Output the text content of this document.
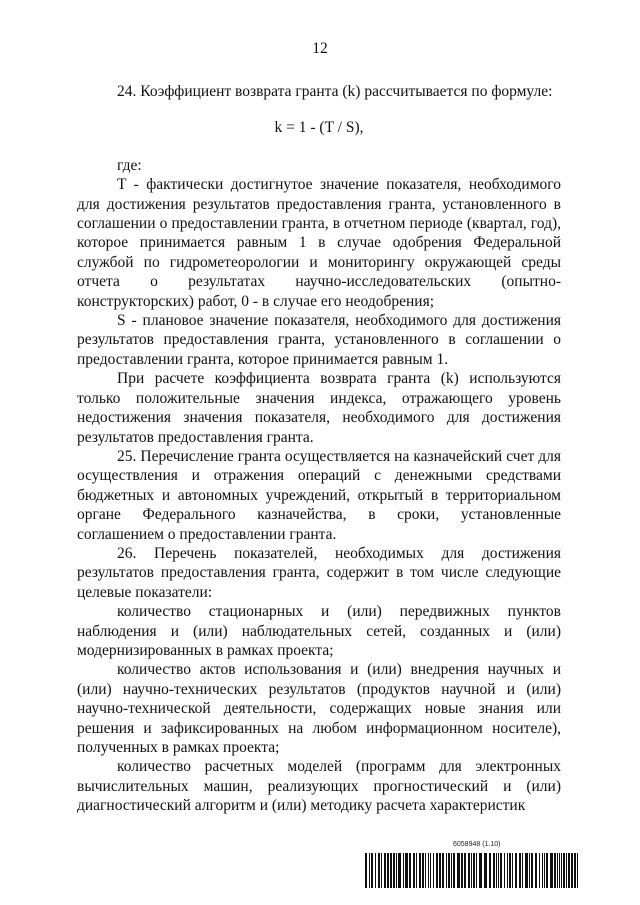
12

24. Коэффициент возврата гранта (k) рассчитывается по формуле:

k = 1 - (T / S),

где:

T - фактически достигнутое значение показателя, необходимого для достижения результатов предоставления гранта, установленного в соглашении о предоставлении гранта, в отчетном периоде (квартал, год), которое принимается равным 1 в случае одобрения Федеральной службой по гидрометеорологии и мониторингу окружающей среды отчета о результатах научно-исследовательских (опытно-конструкторских) работ, 0 - в случае его неодобрения;

S - плановое значение показателя, необходимого для достижения результатов предоставления гранта, установленного в соглашении о предоставлении гранта, которое принимается равным 1.

При расчете коэффициента возврата гранта (k) используются только положительные значения индекса, отражающего уровень недостижения значения показателя, необходимого для достижения результатов предоставления гранта.

25. Перечисление гранта осуществляется на казначейский счет для осуществления и отражения операций с денежными средствами бюджетных и автономных учреждений, открытый в территориальном органе Федерального казначейства, в сроки, установленные соглашением о предоставлении гранта.

26. Перечень показателей, необходимых для достижения результатов предоставления гранта, содержит в том числе следующие целевые показатели:

количество стационарных и (или) передвижных пунктов наблюдения и (или) наблюдательных сетей, созданных и (или) модернизированных в рамках проекта;

количество актов использования и (или) внедрения научных и (или) научно-технических результатов (продуктов научной и (или) научно-технической деятельности, содержащих новые знания или решения и зафиксированных на любом информационном носителе), полученных в рамках проекта;

количество расчетных моделей (программ для электронных вычислительных машин, реализующих прогностический и (или) диагностический алгоритм и (или) методику расчета характеристик

6058948 (1.10)
